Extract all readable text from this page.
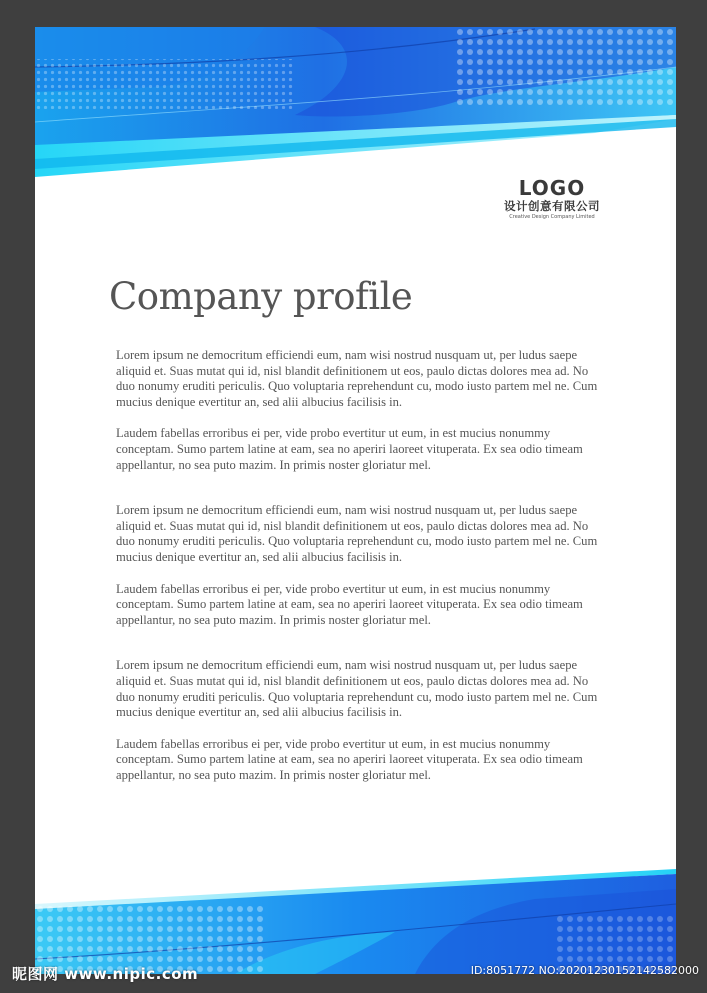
LOGO
设计创意有限公司
Creative Design Company Limited
Company profile

Lorem ipsum ne democritum efficiendi eum, nam wisi nostrud nusquam ut, per ludus saepe aliquid et. Suas mutat qui id, nisl blandit definitionem ut eos, paulo dictas dolores mea ad. No duo nonumy eruditi periculis. Quo voluptaria reprehendunt cu, modo iusto partem mel ne. Cum mucius denique evertitur an, sed alii albucius facilisis in.

Laudem fabellas erroribus ei per, vide probo evertitur ut eum, in est mucius nonummy conceptam. Sumo partem latine at eam, sea no aperiri laoreet vituperata. Ex sea odio timeam appellantur, no sea puto mazim. In primis noster gloriatur mel.

Lorem ipsum ne democritum efficiendi eum, nam wisi nostrud nusquam ut, per ludus saepe aliquid et. Suas mutat qui id, nisl blandit definitionem ut eos, paulo dictas dolores mea ad. No duo nonumy eruditi periculis. Quo voluptaria reprehendunt cu, modo iusto partem mel ne. Cum mucius denique evertitur an, sed alii albucius facilisis in.

Laudem fabellas erroribus ei per, vide probo evertitur ut eum, in est mucius nonummy conceptam. Sumo partem latine at eam, sea no aperiri laoreet vituperata. Ex sea odio timeam appellantur, no sea puto mazim. In primis noster gloriatur mel.

Lorem ipsum ne democritum efficiendi eum, nam wisi nostrud nusquam ut, per ludus saepe aliquid et. Suas mutat qui id, nisl blandit definitionem ut eos, paulo dictas dolores mea ad. No duo nonumy eruditi periculis. Quo voluptaria reprehendunt cu, modo iusto partem mel ne. Cum mucius denique evertitur an, sed alii albucius facilisis in.

Laudem fabellas erroribus ei per, vide probo evertitur ut eum, in est mucius nonummy conceptam. Sumo partem latine at eam, sea no aperiri laoreet vituperata. Ex sea odio timeam appellantur, no sea puto mazim. In primis noster gloriatur mel.

昵图网 www.nipic.com	ID:8051772 NO:20201230152142582000
